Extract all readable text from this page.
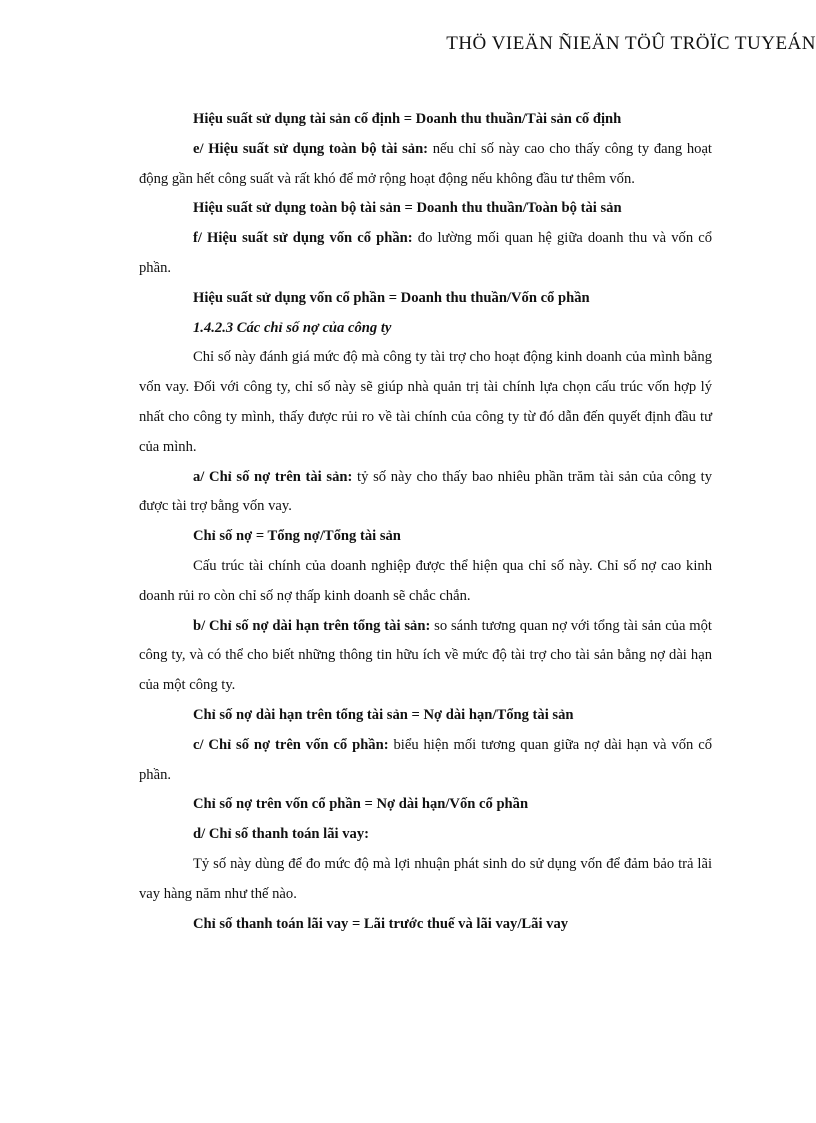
THÖ VIEÄN ÑIEÄN TÖÛ TRÖÏC TUYEÁN

Hiệu suất sử dụng tài sản cố định = Doanh thu thuần/Tài sản cố định

e/ Hiệu suất sử dụng toàn bộ tài sản: nếu chỉ số này cao cho thấy công ty đang hoạt động gần hết công suất và rất khó để mở rộng hoạt động nếu không đầu tư thêm vốn.

Hiệu suất sử dụng toàn bộ tài sản = Doanh thu thuần/Toàn bộ tài sản

f/ Hiệu suất sử dụng vốn cổ phần: đo lường mối quan hệ giữa doanh thu và vốn cổ phần.

Hiệu suất sử dụng vốn cổ phần = Doanh thu thuần/Vốn cổ phần

1.4.2.3 Các chỉ số nợ của công ty

Chỉ số này đánh giá mức độ mà công ty tài trợ cho hoạt động kinh doanh của mình bằng vốn vay. Đối với công ty, chỉ số này sẽ giúp nhà quản trị tài chính lựa chọn cấu trúc vốn hợp lý nhất cho công ty mình, thấy được rủi ro về tài chính của công ty từ đó dẫn đến quyết định đầu tư của mình.

a/ Chỉ số nợ trên tài sản: tỷ số này cho thấy bao nhiêu phần trăm tài sản của công ty được tài trợ bằng vốn vay.

Chỉ số nợ = Tổng nợ/Tổng tài sản

Cấu trúc tài chính của doanh nghiệp được thể hiện qua chỉ số này. Chỉ số nợ cao kinh doanh rủi ro còn chỉ số nợ thấp kinh doanh sẽ chắc chắn.

b/ Chỉ số nợ dài hạn trên tổng tài sản: so sánh tương quan nợ với tổng tài sản của một công ty, và có thể cho biết những thông tin hữu ích về mức độ tài trợ cho tài sản bằng nợ dài hạn của một công ty.

Chỉ số nợ dài hạn trên tổng tài sản = Nợ dài hạn/Tổng tài sản

c/ Chỉ số nợ trên vốn cổ phần: biểu hiện mối tương quan giữa nợ dài hạn và vốn cổ phần.

Chỉ số nợ trên vốn cổ phần = Nợ dài hạn/Vốn cổ phần

d/ Chỉ số thanh toán lãi vay:

Tỷ số này dùng để đo mức độ mà lợi nhuận phát sinh do sử dụng vốn để đảm bảo trả lãi vay hàng năm như thế nào.

Chỉ số thanh toán lãi vay = Lãi trước thuế và lãi vay/Lãi vay
